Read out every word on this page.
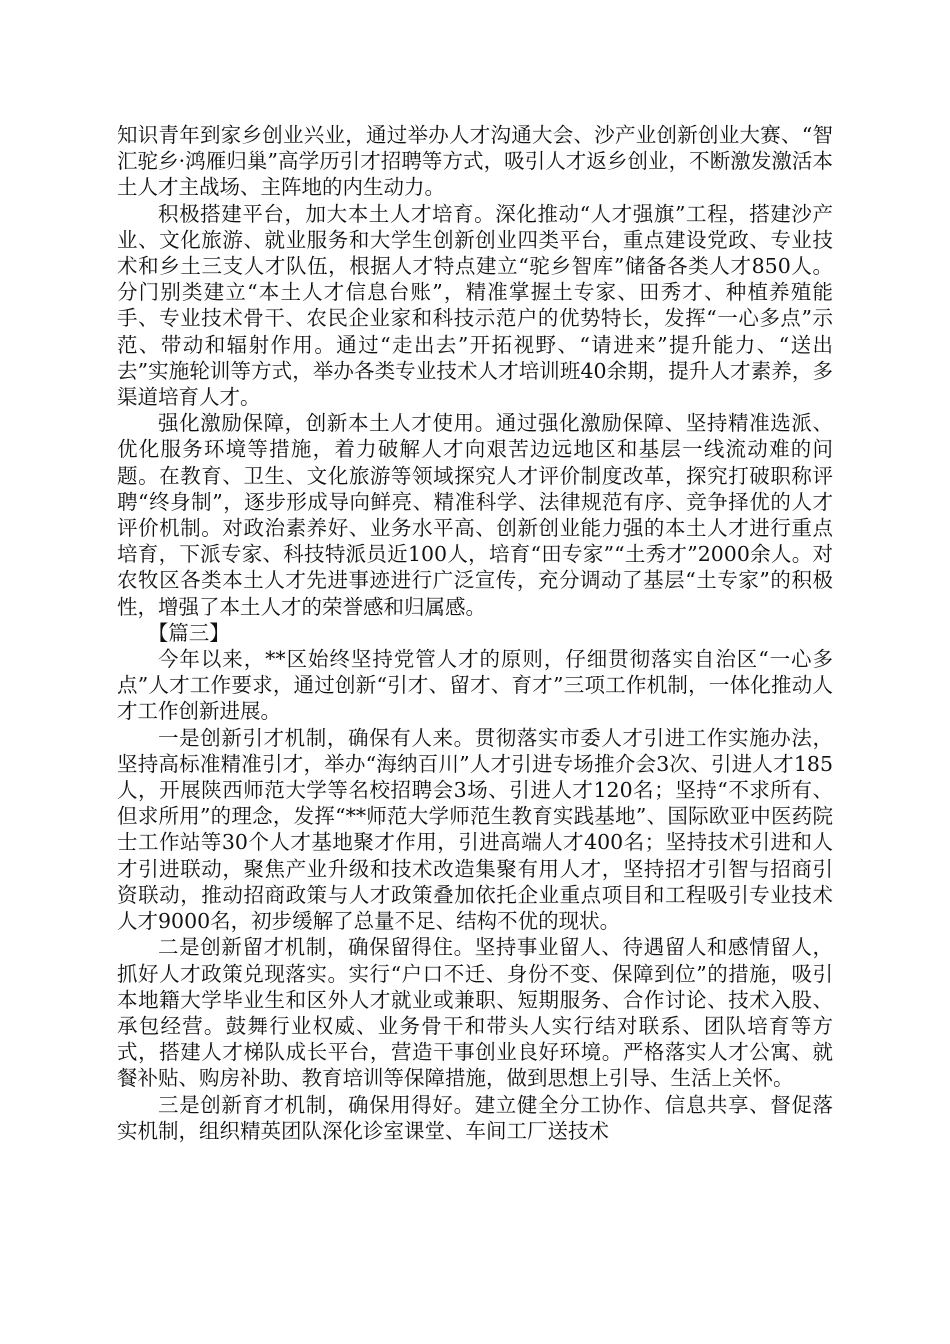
知识青年到家乡创业兴业，通过举办人才沟通大会、沙产业创新创业大赛、“智汇驼乡·鸿雁归巢”高学历引才招聘等方式，吸引人才返乡创业，不断激发激活本土人才主战场、主阵地的内生动力。

积极搭建平台，加大本土人才培育。深化推动“人才强旗”工程，搭建沙产业、文化旅游、就业服务和大学生创新创业四类平台，重点建设党政、专业技术和乡土三支人才队伍，根据人才特点建立“驼乡智库”储备各类人才850人。分门别类建立“本土人才信息台账”，精准掌握土专家、田秀才、种植养殖能手、专业技术骨干、农民企业家和科技示范户的优势特长，发挥“一心多点”示范、带动和辐射作用。通过“走出去”开拓视野、“请进来”提升能力、“送出去”实施轮训等方式，举办各类专业技术人才培训班40余期，提升人才素养，多渠道培育人才。

强化激励保障，创新本土人才使用。通过强化激励保障、坚持精准选派、优化服务环境等措施，着力破解人才向艰苦边远地区和基层一线流动难的问题。在教育、卫生、文化旅游等领域探究人才评价制度改革，探究打破职称评聘“终身制”，逐步形成导向鲜亮、精准科学、法律规范有序、竞争择优的人才评价机制。对政治素养好、业务水平高、创新创业能力强的本土人才进行重点培育，下派专家、科技特派员近100人，培育“田专家”“土秀才”2000余人。对农牧区各类本土人才先进事迹进行广泛宣传，充分调动了基层“土专家”的积极性，增强了本土人才的荣誉感和归属感。

【篇三】

今年以来，**区始终坚持党管人才的原则，仔细贯彻落实自治区“一心多点”人才工作要求，通过创新“引才、留才、育才”三项工作机制，一体化推动人才工作创新进展。

一是创新引才机制，确保有人来。贯彻落实市委人才引进工作实施办法，坚持高标准精准引才，举办“海纳百川”人才引进专场推介会3次、引进人才185人，开展陕西师范大学等名校招聘会3场、引进人才120名；坚持“不求所有、但求所用”的理念，发挥“**师范大学师范生教育实践基地”、国际欧亚中医药院士工作站等30个人才基地聚才作用，引进高端人才400名；坚持技术引进和人才引进联动，聚焦产业升级和技术改造集聚有用人才，坚持招才引智与招商引资联动，推动招商政策与人才政策叠加依托企业重点项目和工程吸引专业技术人才9000名，初步缓解了总量不足、结构不优的现状。

二是创新留才机制，确保留得住。坚持事业留人、待遇留人和感情留人，抓好人才政策兑现落实。实行“户口不迁、身份不变、保障到位”的措施，吸引本地籍大学毕业生和区外人才就业或兼职、短期服务、合作讨论、技术入股、承包经营。鼓舞行业权威、业务骨干和带头人实行结对联系、团队培育等方式，搭建人才梯队成长平台，营造干事创业良好环境。严格落实人才公寓、就餐补贴、购房补助、教育培训等保障措施，做到思想上引导、生活上关怀。

三是创新育才机制，确保用得好。建立健全分工协作、信息共享、督促落实机制，组织精英团队深化诊室课堂、车间工厂送技术
